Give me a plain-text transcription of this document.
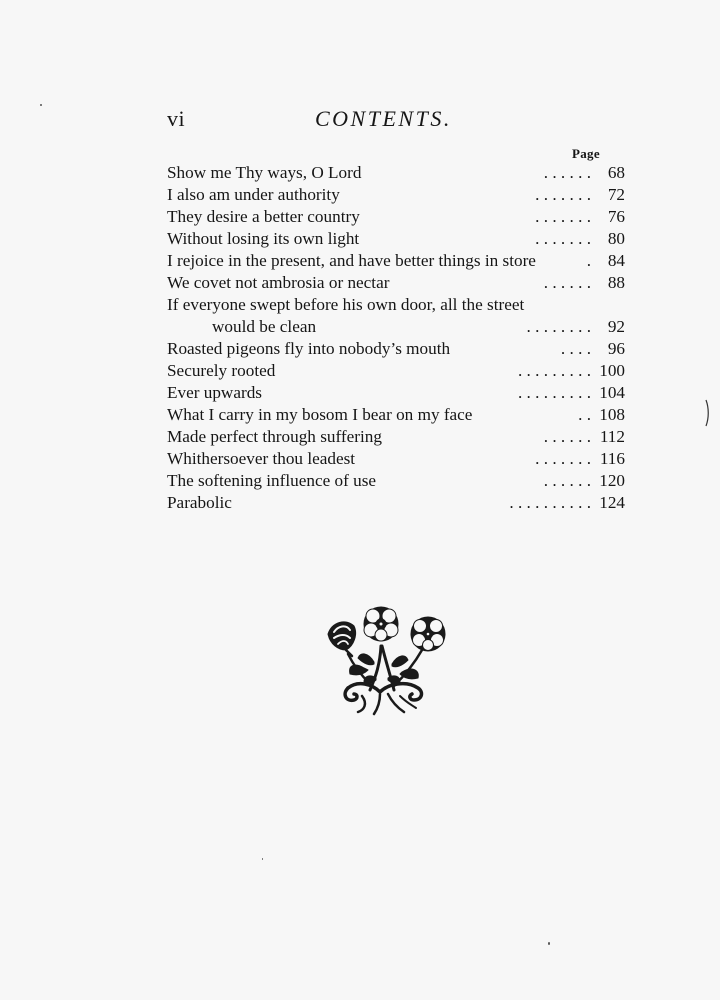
vi	CONTENTS.
Page
Show me Thy ways, O Lord	. . . . . . 68
I also am under authority	. . . . . . . 72
They desire a better country	. . . . . . . 76
Without losing its own light	. . . . . . . 80
I rejoice in the present, and have better things in store	. 84
We covet not ambrosia or nectar	. . . . . . 88
If everyone swept before his own door, all the street
would be clean	. . . . . . . . 92
Roasted pigeons fly into nobody’s mouth	. . . . 96
Securely rooted	. . . . . . . . . 100
Ever upwards	. . . . . . . . . 104
What I carry in my bosom I bear on my face	. . 108
Made perfect through suffering	. . . . . . 112
Whithersoever thou leadest	. . . . . . . 116
The softening influence of use	. . . . . . 120
Parabolic	. . . . . . . . . . 124
